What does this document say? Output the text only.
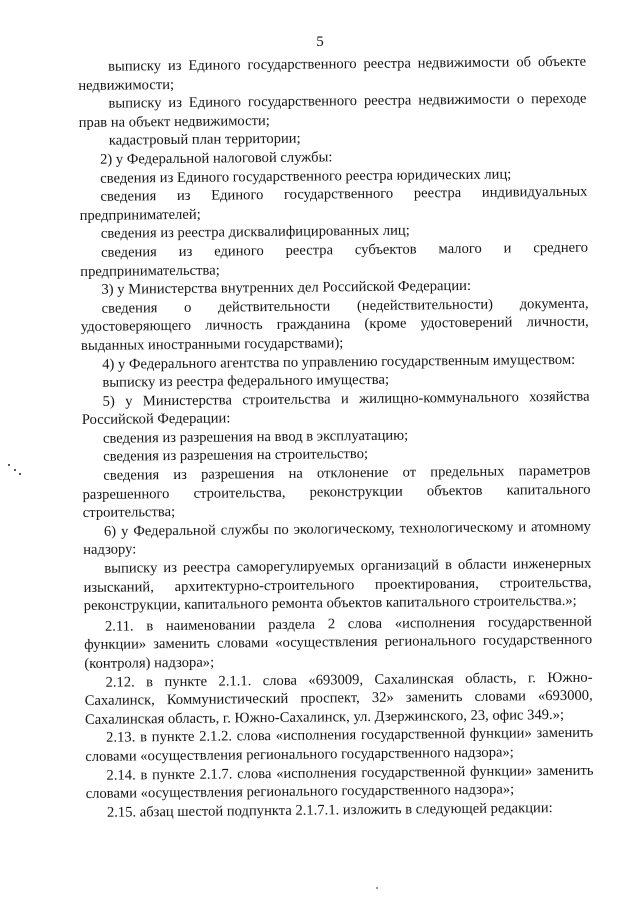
5

выписку из Единого государственного реестра недвижимости об объекте недвижимости;

выписку из Единого государственного реестра недвижимости о переходе прав на объект недвижимости;

кадастровый план территории;

2) у Федеральной налоговой службы:

сведения из Единого государственного реестра юридических лиц;

сведения из Единого государственного реестра индивидуальных предпринимателей;

сведения из реестра дисквалифицированных лиц;

сведения из единого реестра субъектов малого и среднего предпринимательства;

3) у Министерства внутренних дел Российской Федерации:

сведения о действительности (недействительности) документа, удостоверяющего личность гражданина (кроме удостоверений личности, выданных иностранными государствами);

4) у Федерального агентства по управлению государственным имуществом:

выписку из реестра федерального имущества;

5) у Министерства строительства и жилищно-коммунального хозяйства Российской Федерации:

сведения из разрешения на ввод в эксплуатацию;

сведения из разрешения на строительство;

сведения из разрешения на отклонение от предельных параметров разрешенного строительства, реконструкции объектов капитального строительства;

6) у Федеральной службы по экологическому, технологическому и атомному надзору:

выписку из реестра саморегулируемых организаций в области инженерных изысканий, архитектурно-строительного проектирования, строительства, реконструкции, капитального ремонта объектов капитального строительства.»;

2.11. в наименовании раздела 2 слова «исполнения государственной функции» заменить словами «осуществления регионального государственного (контроля) надзора»;

2.12. в пункте 2.1.1. слова «693009, Сахалинская область, г. Южно-Сахалинск, Коммунистический проспект, 32» заменить словами «693000, Сахалинская область, г. Южно-Сахалинск, ул. Дзержинского, 23, офис 349.»;

2.13. в пункте 2.1.2. слова «исполнения государственной функции» заменить словами «осуществления регионального государственного надзора»;

2.14. в пункте 2.1.7. слова «исполнения государственной функции» заменить словами «осуществления регионального государственного надзора»;

2.15. абзац шестой подпункта 2.1.7.1. изложить в следующей редакции:
